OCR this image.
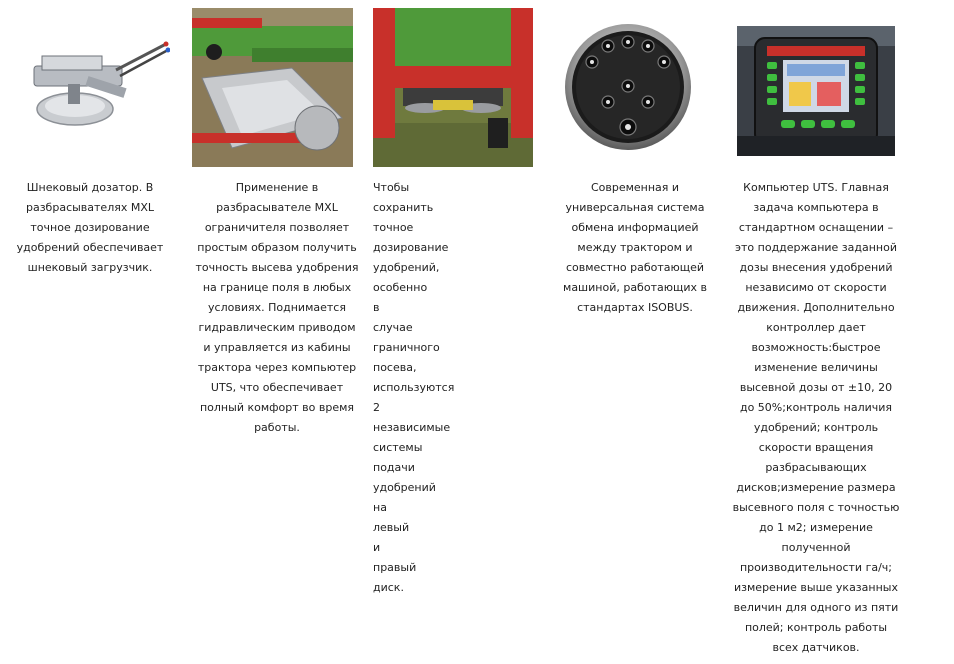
Шнековый дозатор. В
разбрасывателях MXL
точное дозирование
удобрений обеспечивает
шнековый загрузчик.
Применение в
разбрасывателе MXL
ограничителя позволяет
простым образом получить
точность высева удобрения
на границе поля в любых
условиях. Поднимается
гидравлическим приводом
и управляется из кабины
трактора через компьютер
UTS, что обеспечивает
полный комфорт во время
работы.
Чтобы
сохранить
точное
дозирование
удобрений,
особенно
в
случае
граничного
посева,
используются
2
независимые
системы
подачи
удобрений
на
левый
и
правый
диск.
Современная и
универсальная система
обмена информацией
между трактором и
совместно работающей
машиной, работающих в
стандартах ISOBUS.
Компьютер UTS. Главная
задача компьютера в
стандартном оснащении –
это поддержание заданной
дозы внесения удобрений
независимо от скорости
движения. Дополнительно
контроллер дает
возможность:быстрое
изменение величины
высевной дозы от ±10, 20
до 50%;контроль наличия
удобрений; контроль
скорости вращения
разбрасывающих
дисков;измерение размера
высевного поля с точностью
до 1 м2; измерение
полученной
производительности га/ч;
измерение выше указанных
величин для одного из пяти
полей; контроль работы
всех датчиков.
